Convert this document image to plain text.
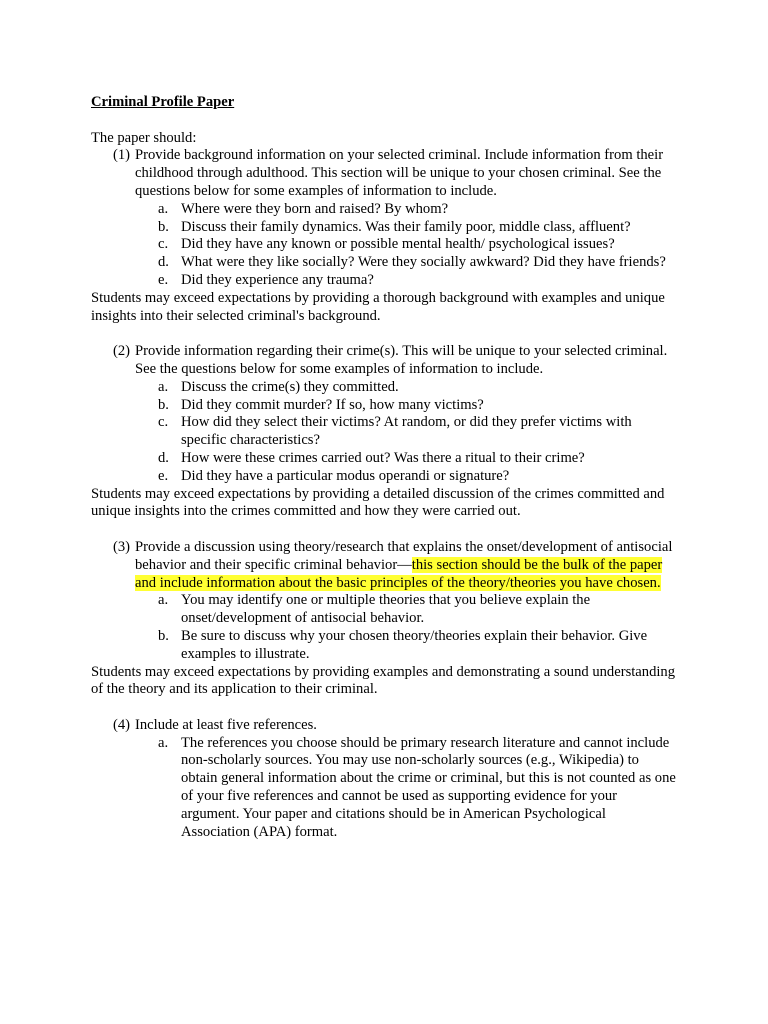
Criminal Profile Paper
The paper should:
(1) Provide background information on your selected criminal. Include information from their childhood through adulthood. This section will be unique to your chosen criminal. See the questions below for some examples of information to include.
a. Where were they born and raised? By whom?
b. Discuss their family dynamics. Was their family poor, middle class, affluent?
c. Did they have any known or possible mental health/ psychological issues?
d. What were they like socially? Were they socially awkward? Did they have friends?
e. Did they experience any trauma?
Students may exceed expectations by providing a thorough background with examples and unique insights into their selected criminal's background.
(2) Provide information regarding their crime(s). This will be unique to your selected criminal. See the questions below for some examples of information to include.
a. Discuss the crime(s) they committed.
b. Did they commit murder? If so, how many victims?
c. How did they select their victims? At random, or did they prefer victims with specific characteristics?
d. How were these crimes carried out? Was there a ritual to their crime?
e. Did they have a particular modus operandi or signature?
Students may exceed expectations by providing a detailed discussion of the crimes committed and unique insights into the crimes committed and how they were carried out.
(3) Provide a discussion using theory/research that explains the onset/development of antisocial behavior and their specific criminal behavior—this section should be the bulk of the paper and include information about the basic principles of the theory/theories you have chosen.
a. You may identify one or multiple theories that you believe explain the onset/development of antisocial behavior.
b. Be sure to discuss why your chosen theory/theories explain their behavior. Give examples to illustrate.
Students may exceed expectations by providing examples and demonstrating a sound understanding of the theory and its application to their criminal.
(4) Include at least five references.
a. The references you choose should be primary research literature and cannot include non-scholarly sources. You may use non-scholarly sources (e.g., Wikipedia) to obtain general information about the crime or criminal, but this is not counted as one of your five references and cannot be used as supporting evidence for your argument. Your paper and citations should be in American Psychological Association (APA) format.
